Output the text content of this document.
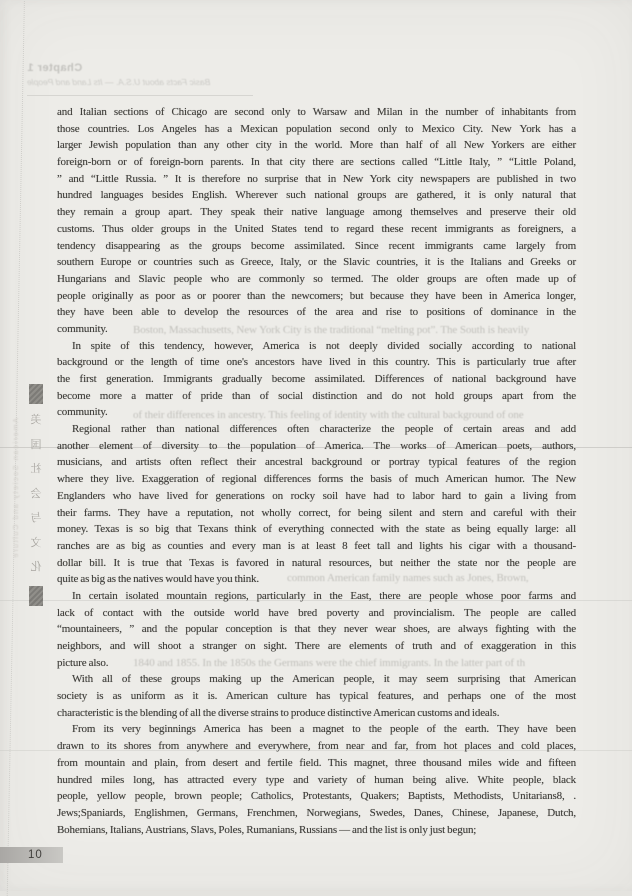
Chapter 1
Basic Facts about U.S.A. — Its Land and People
Boston, Massachusetts, New York City is the traditional “melting pot”. The South is heavily
of their differences in ancestry. This feeling of identity with the cultural background of one
common American family names such as Jones, Brown,
1840 and 1855. In the 1850s the Germans were the chief immigrants. In the latter part of th
美
国
社
会
与
文
化
American Society and Culture
and Italian sections of Chicago are second only to Warsaw and Milan in the number of inhabitants from
those countries. Los Angeles has a Mexican population second only to Mexico City. New York has a
larger Jewish population than any other city in the world. More than half of all New Yorkers are either
foreign-born or of foreign-born parents. In that city there are sections called “Little Italy, ” “Little Poland,
” and “Little Russia. ” It is therefore no surprise that in New York city newspapers are published in two
hundred languages besides English. Wherever such national groups are gathered, it is only natural that
they remain a group apart. They speak their native language among themselves and preserve their old
customs. Thus older groups in the United States tend to regard these recent immigrants as foreigners, a
tendency disappearing as the groups become assimilated. Since recent immigrants came largely from
southern Europe or countries such as Greece, Italy, or the Slavic countries, it is the Italians and Greeks or
Hungarians and Slavic people who are commonly so termed. The older groups are often made up of
people originally as poor as or poorer than the newcomers; but because they have been in America longer,
they have been able to develop the resources of the area and rise to positions of dominance in the
community.
In spite of this tendency, however, America is not deeply divided socially according to national
background or the length of time one's ancestors have lived in this country. This is particularly true after
the first generation. Immigrants gradually become assimilated. Differences of national background have
become more a matter of pride than of social distinction and do not hold groups apart from the
community.
Regional rather than national differences often characterize the people of certain areas and add
another element of diversity to the population of America. The works of American poets, authors,
musicians, and artists often reflect their ancestral background or portray typical features of the region
where they live. Exaggeration of regional differences forms the basis of much American humor. The New
Englanders who have lived for generations on rocky soil have had to labor hard to gain a living from
their farms. They have a reputation, not wholly correct, for being silent and stern and careful with their
money. Texas is so big that Texans think of everything connected with the state as being equally large: all
ranches are as big as counties and every man is at least 8 feet tall and lights his cigar with a thousand-
dollar bill. It is true that Texas is favored in natural resources, but neither the state nor the people are
quite as big as the natives would have you think.
In certain isolated mountain regions, particularly in the East, there are people whose poor farms and
lack of contact with the outside world have bred poverty and provincialism. The people are called
“mountaineers, ” and the popular conception is that they never wear shoes, are always fighting with the
neighbors, and will shoot a stranger on sight. There are elements of truth and of exaggeration in this
picture also.
With all of these groups making up the American people, it may seem surprising that American
society is as uniform as it is. American culture has typical features, and perhaps one of the most
characteristic is the blending of all the diverse strains to produce distinctive American customs and ideals.
From its very beginnings America has been a magnet to the people of the earth. They have been
drawn to its shores from anywhere and everywhere, from near and far, from hot places and cold places,
from mountain and plain, from desert and fertile field. This magnet, three thousand miles wide and fifteen
hundred miles long, has attracted every type and variety of human being alive. White people, black
people, yellow people, brown people; Catholics, Protestants, Quakers; Baptists, Methodists, Unitarians8, .
Jews;Spaniards, Englishmen, Germans, Frenchmen, Norwegians, Swedes, Danes, Chinese, Japanese, Dutch,
Bohemians, Italians, Austrians, Slavs, Poles, Rumanians, Russians — and the list is only just begun;
10
